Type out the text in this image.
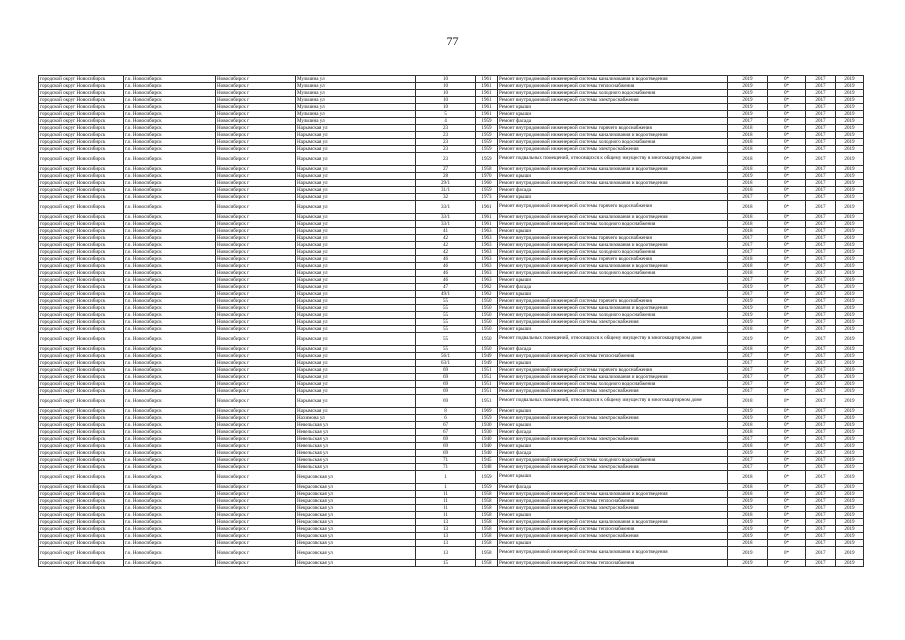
77
городской округ Новосибирск	г.о. Новосибирск	Новосибирск г	Мульчина ул	10	1961	Ремонт внутридомовой инженерной системы канализования и водоотведения	2019	0*	2017	2019
городской округ Новосибирск	г.о. Новосибирск	Новосибирск г	Мульчина ул	10	1961	Ремонт внутридомовой инженерной системы теплоснабжения	2019	0*	2017	2019
городской округ Новосибирск	г.о. Новосибирск	Новосибирск г	Мульчина ул	10	1961	Ремонт внутридомовой инженерной системы холодного водоснабжения	2019	0*	2017	2019
городской округ Новосибирск	г.о. Новосибирск	Новосибирск г	Мульчина ул	10	1961	Ремонт внутридомовой инженерной системы электроснабжения	2019	0*	2017	2019
городской округ Новосибирск	г.о. Новосибирск	Новосибирск г	Мульчина ул	10	1961	Ремонт крыши	2019	0*	2017	2019
городской округ Новосибирск	г.о. Новосибирск	Новосибирск г	Мульчина ул	5	1961	Ремонт крыши	2019	0*	2017	2019
городской округ Новосибирск	г.о. Новосибирск	Новосибирск г	Мульчина ул	4	1959	Ремонт фасада	2017	0*	2017	2019
городской округ Новосибирск	г.о. Новосибирск	Новосибирск г	Нарымская ул	23	1959	Ремонт внутридомовой инженерной системы горячего водоснабжения	2018	0*	2017	2019
городской округ Новосибирск	г.о. Новосибирск	Новосибирск г	Нарымская ул	23	1959	Ремонт внутридомовой инженерной системы канализования и водоотведения	2018	0*	2017	2019
городской округ Новосибирск	г.о. Новосибирск	Новосибирск г	Нарымская ул	23	1959	Ремонт внутридомовой инженерной системы холодного водоснабжения	2018	0*	2017	2019
городской округ Новосибирск	г.о. Новосибирск	Новосибирск г	Нарымская ул	23	1959	Ремонт внутридомовой инженерной системы электроснабжения	2018	0*	2017	2019
городской округ Новосибирск	г.о. Новосибирск	Новосибирск г	Нарымская ул	23	1959	Ремонт подвальных помещений, относящихся к общему имуществу в многоквартирном доме	2018	0*	2017	2019
городской округ Новосибирск	г.о. Новосибирск	Новосибирск г	Нарымская ул	27	1958	Ремонт внутридомовой инженерной системы канализования и водоотведения	2018	0*	2017	2019
городской округ Новосибирск	г.о. Новосибирск	Новосибирск г	Нарымская ул	28	1970	Ремонт крыши	2019	0*	2017	2019
городской округ Новосибирск	г.о. Новосибирск	Новосибирск г	Нарымская ул	29/1	1960	Ремонт внутридомовой инженерной системы канализования и водоотведения	2018	0*	2017	2019
городской округ Новосибирск	г.о. Новосибирск	Новосибирск г	Нарымская ул	31/1	1959	Ремонт фасада	2018	0*	2017	2019
городской округ Новосибирск	г.о. Новосибирск	Новосибирск г	Нарымская ул	32	1973	Ремонт крыши	2017	0*	2017	2019
городской округ Новосибирск	г.о. Новосибирск	Новосибирск г	Нарымская ул	33/1	1961	Ремонт внутридомовой инженерной системы горячего водоснабжения	2018	0*	2017	2019
городской округ Новосибирск	г.о. Новосибирск	Новосибирск г	Нарымская ул	33/1	1961	Ремонт внутридомовой инженерной системы канализования и водоотведения	2018	0*	2017	2019
городской округ Новосибирск	г.о. Новосибирск	Новосибирск г	Нарымская ул	33/1	1961	Ремонт внутридомовой инженерной системы холодного водоснабжения	2018	0*	2017	2019
городской округ Новосибирск	г.о. Новосибирск	Новосибирск г	Нарымская ул	41	1963	Ремонт крыши	2018	0*	2017	2019
городской округ Новосибирск	г.о. Новосибирск	Новосибирск г	Нарымская ул	42	1963	Ремонт внутридомовой инженерной системы горячего водоснабжения	2017	0*	2017	2019
городской округ Новосибирск	г.о. Новосибирск	Новосибирск г	Нарымская ул	42	1963	Ремонт внутридомовой инженерной системы канализования и водоотведения	2017	0*	2017	2019
городской округ Новосибирск	г.о. Новосибирск	Новосибирск г	Нарымская ул	42	1963	Ремонт внутридомовой инженерной системы холодного водоснабжения	2017	0*	2017	2019
городской округ Новосибирск	г.о. Новосибирск	Новосибирск г	Нарымская ул	46	1963	Ремонт внутридомовой инженерной системы горячего водоснабжения	2018	0*	2017	2019
городской округ Новосибирск	г.о. Новосибирск	Новосибирск г	Нарымская ул	46	1963	Ремонт внутридомовой инженерной системы канализования и водоотведения	2018	0*	2017	2019
городской округ Новосибирск	г.о. Новосибирск	Новосибирск г	Нарымская ул	46	1963	Ремонт внутридомовой инженерной системы холодного водоснабжения	2018	0*	2017	2019
городской округ Новосибирск	г.о. Новосибирск	Новосибирск г	Нарымская ул	46	1963	Ремонт крыши	2017	0*	2017	2019
городской округ Новосибирск	г.о. Новосибирск	Новосибирск г	Нарымская ул	47	1962	Ремонт фасада	2019	0*	2017	2019
городской округ Новосибирск	г.о. Новосибирск	Новосибирск г	Нарымская ул	49/1	1962	Ремонт крыши	2017	0*	2017	2019
городской округ Новосибирск	г.о. Новосибирск	Новосибирск г	Нарымская ул	55	1950	Ремонт внутридомовой инженерной системы горячего водоснабжения	2019	0*	2017	2019
городской округ Новосибирск	г.о. Новосибирск	Новосибирск г	Нарымская ул	55	1950	Ремонт внутридомовой инженерной системы канализования и водоотведения	2019	0*	2017	2019
городской округ Новосибирск	г.о. Новосибирск	Новосибирск г	Нарымская ул	55	1950	Ремонт внутридомовой инженерной системы холодного водоснабжения	2019	0*	2017	2019
городской округ Новосибирск	г.о. Новосибирск	Новосибирск г	Нарымская ул	55	1950	Ремонт внутридомовой инженерной системы электроснабжения	2019	0*	2017	2019
городской округ Новосибирск	г.о. Новосибирск	Новосибирск г	Нарымская ул	55	1950	Ремонт крыши	2018	0*	2017	2019
городской округ Новосибирск	г.о. Новосибирск	Новосибирск г	Нарымская ул	55	1950	Ремонт подвальных помещений, относящихся к общему имуществу в многоквартирном доме	2019	0*	2017	2019
городской округ Новосибирск	г.о. Новосибирск	Новосибирск г	Нарымская ул	55	1950	Ремонт фасада	2018	0*	2017	2019
городской округ Новосибирск	г.о. Новосибирск	Новосибирск г	Нарымская ул	56/1	1949	Ремонт внутридомовой инженерной системы теплоснабжения	2017	0*	2017	2019
городской округ Новосибирск	г.о. Новосибирск	Новосибирск г	Нарымская ул	63/1	1949	Ремонт крыши	2017	0*	2017	2019
городской округ Новосибирск	г.о. Новосибирск	Новосибирск г	Нарымская ул	69	1951	Ремонт внутридомовой инженерной системы горячего водоснабжения	2017	0*	2017	2019
городской округ Новосибирск	г.о. Новосибирск	Новосибирск г	Нарымская ул	69	1951	Ремонт внутридомовой инженерной системы канализования и водоотведения	2017	0*	2017	2019
городской округ Новосибирск	г.о. Новосибирск	Новосибирск г	Нарымская ул	69	1951	Ремонт внутридомовой инженерной системы холодного водоснабжения	2017	0*	2017	2019
городской округ Новосибирск	г.о. Новосибирск	Новосибирск г	Нарымская ул	69	1951	Ремонт внутридомовой инженерной системы электроснабжения	2017	0*	2017	2019
городской округ Новосибирск	г.о. Новосибирск	Новосибирск г	Нарымская ул	69	1951	Ремонт подвальных помещений, относящихся к общему имуществу в многоквартирном доме	2018	0*	2017	2019
городской округ Новосибирск	г.о. Новосибирск	Новосибирск г	Нарымская ул	8	1969	Ремонт крыши	2019	0*	2017	2019
городской округ Новосибирск	г.о. Новосибирск	Новосибирск г	Нахимова ул	6	1959	Ремонт внутридомовой инженерной системы электроснабжения	2019	0*	2017	2019
городской округ Новосибирск	г.о. Новосибирск	Новосибирск г	Невельская ул	67	1930	Ремонт крыши	2018	0*	2017	2019
городской округ Новосибирск	г.о. Новосибирск	Новосибирск г	Невельская ул	67	1930	Ремонт фасада	2018	0*	2017	2019
городской округ Новосибирск	г.о. Новосибирск	Новосибирск г	Невельская ул	69	1940	Ремонт внутридомовой инженерной системы электроснабжения	2017	0*	2017	2019
городской округ Новосибирск	г.о. Новосибирск	Новосибирск г	Невельская ул	69	1940	Ремонт крыши	2018	0*	2017	2019
городской округ Новосибирск	г.о. Новосибирск	Новосибирск г	Невельская ул	69	1940	Ремонт фасада	2019	0*	2017	2019
городской округ Новосибирск	г.о. Новосибирск	Новосибирск г	Невельская ул	71	1945	Ремонт внутридомовой инженерной системы холодного водоснабжения	2017	0*	2017	2019
городской округ Новосибирск	г.о. Новосибирск	Новосибирск г	Невельская ул	71	1948	Ремонт внутридомовой инженерной системы электроснабжения	2017	0*	2017	2019
городской округ Новосибирск	г.о. Новосибирск	Новосибирск г	Некрасовская ул	1	1959	Ремонт крыши	2018	0*	2017	2019
городской округ Новосибирск	г.о. Новосибирск	Новосибирск г	Некрасовская ул	1	1959	Ремонт фасада	2018	0*	2017	2019
городской округ Новосибирск	г.о. Новосибирск	Новосибирск г	Некрасовская ул	11	1958	Ремонт внутридомовой инженерной системы канализования и водоотведения	2018	0*	2017	2019
городской округ Новосибирск	г.о. Новосибирск	Новосибирск г	Некрасовская ул	11	1958	Ремонт внутридомовой инженерной системы теплоснабжения	2019	0*	2017	2019
городской округ Новосибирск	г.о. Новосибирск	Новосибирск г	Некрасовская ул	11	1958	Ремонт внутридомовой инженерной системы электроснабжения	2019	0*	2017	2019
городской округ Новосибирск	г.о. Новосибирск	Новосибирск г	Некрасовская ул	11	1958	Ремонт крыши	2018	0*	2017	2019
городской округ Новосибирск	г.о. Новосибирск	Новосибирск г	Некрасовская ул	13	1958	Ремонт внутридомовой инженерной системы канализования и водоотведения	2019	0*	2017	2019
городской округ Новосибирск	г.о. Новосибирск	Новосибирск г	Некрасовская ул	13	1958	Ремонт внутридомовой инженерной системы теплоснабжения	2019	0*	2017	2019
городской округ Новосибирск	г.о. Новосибирск	Новосибирск г	Некрасовская ул	13	1958	Ремонт внутридомовой инженерной системы электроснабжения	2019	0*	2017	2019
городской округ Новосибирск	г.о. Новосибирск	Новосибирск г	Некрасовская ул	13	1958	Ремонт крыши	2018	0*	2017	2019
городской округ Новосибирск	г.о. Новосибирск	Новосибирск г	Некрасовская ул	13	1958	Ремонт внутридомовой инженерной системы канализования и водоотведения	2019	0*	2017	2019
городской округ Новосибирск	г.о. Новосибирск	Новосибирск г	Некрасовская ул	15	1958	Ремонт внутридомовой инженерной системы теплоснабжения	2019	0*	2017	2019
